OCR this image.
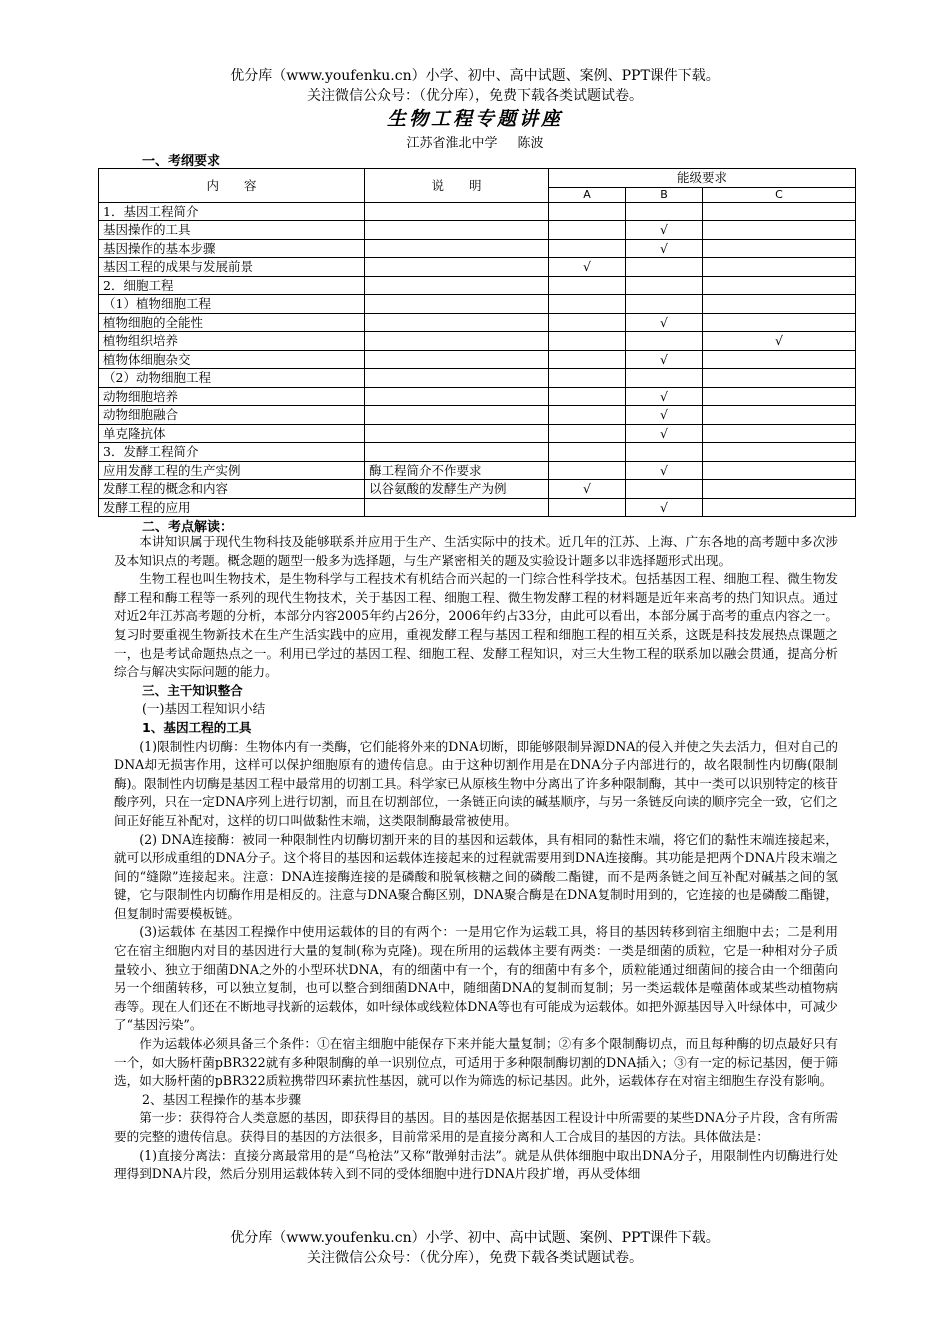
优分库（www.youfenku.cn）小学、初中、高中试题、案例、PPT课件下载。
关注微信公众号：（优分库），免费下载各类试题试卷。
生物工程专题讲座
江苏省淮北中学 陈波
一、考纲要求
内　　容	说　　明	能级要求		
		A	B	C
1．基因工程简介				
基因操作的工具			√	
基因操作的基本步骤			√	
基因工程的成果与发展前景		√		
2．细胞工程				
（1）植物细胞工程				
植物细胞的全能性			√	
植物组织培养				√
植物体细胞杂交			√	
（2）动物细胞工程				
动物细胞培养			√	
动物细胞融合			√	
单克隆抗体			√	
3．发酵工程简介				
应用发酵工程的生产实例	酶工程简介不作要求		√	
发酵工程的概念和内容	以谷氨酸的发酵生产为例	√		
发酵工程的应用			√	
二、考点解读：

本讲知识属于现代生物科技及能够联系并应用于生产、生活实际中的技术。近几年的江苏、上海、广东各地的高考题中多次涉及本知识点的考题。概念题的题型一般多为选择题，与生产紧密相关的题及实验设计题多以非选择题形式出现。

生物工程也叫生物技术，是生物科学与工程技术有机结合而兴起的一门综合性科学技术。包括基因工程、细胞工程、微生物发酵工程和酶工程等一系列的现代生物技术，关于基因工程、细胞工程、微生物发酵工程的材料题是近年来高考的热门知识点。通过对近2年江苏高考题的分析，本部分内容2005年约占26分，2006年约占33分，由此可以看出，本部分属于高考的重点内容之一。复习时要重视生物新技术在生产生活实践中的应用，重视发酵工程与基因工程和细胞工程的相互关系，这既是科技发展热点课题之一，也是考试命题热点之一。利用已学过的基因工程、细胞工程、发酵工程知识，对三大生物工程的联系加以融会贯通，提高分析综合与解决实际问题的能力。

三、主干知识整合

(一)基因工程知识小结

1、基因工程的工具

(1)限制性内切酶：生物体内有一类酶，它们能将外来的DNA切断，即能够限制异源DNA的侵入并使之失去活力，但对自己的DNA却无损害作用，这样可以保护细胞原有的遗传信息。由于这种切割作用是在DNA分子内部进行的，故名限制性内切酶(限制酶)。限制性内切酶是基因工程中最常用的切割工具。科学家已从原核生物中分离出了许多种限制酶，其中一类可以识别特定的核苷酸序列，只在一定DNA序列上进行切割，而且在切割部位，一条链正向读的碱基顺序，与另一条链反向读的顺序完全一致，它们之间正好能互补配对，这样的切口叫做黏性末端，这类限制酶最常被使用。

(2) DNA连接酶：被同一种限制性内切酶切割开来的目的基因和运载体，具有相同的黏性末端，将它们的黏性末端连接起来，就可以形成重组的DNA分子。这个将目的基因和运载体连接起来的过程就需要用到DNA连接酶。其功能是把两个DNA片段末端之间的“缝隙”连接起来。注意：DNA连接酶连接的是磷酸和脱氧核糖之间的磷酸二酯键，而不是两条链之间互补配对碱基之间的氢键，它与限制性内切酶作用是相反的。注意与DNA聚合酶区别，DNA聚合酶是在DNA复制时用到的，它连接的也是磷酸二酯键，但复制时需要模板链。

(3)运载体 在基因工程操作中使用运载体的目的有两个：一是用它作为运载工具，将目的基因转移到宿主细胞中去；二是利用它在宿主细胞内对目的基因进行大量的复制(称为克隆)。现在所用的运载体主要有两类：一类是细菌的质粒，它是一种相对分子质量较小、独立于细菌DNA之外的小型环状DNA，有的细菌中有一个，有的细菌中有多个，质粒能通过细菌间的接合由一个细菌向另一个细菌转移，可以独立复制，也可以整合到细菌DNA中，随细菌DNA的复制而复制；另一类运载体是噬菌体或某些动植物病毒等。现在人们还在不断地寻找新的运载体，如叶绿体或线粒体DNA等也有可能成为运载体。如把外源基因导入叶绿体中，可减少了“基因污染”。

作为运载体必须具备三个条件：①在宿主细胞中能保存下来并能大量复制；②有多个限制酶切点，而且每种酶的切点最好只有一个，如大肠杆菌pBR322就有多种限制酶的单一识别位点，可适用于多种限制酶切割的DNA插入；③有一定的标记基因，便于筛选，如大肠杆菌的pBR322质粒携带四环素抗性基因，就可以作为筛选的标记基因。此外，运载体存在对宿主细胞生存没有影响。

2、基因工程操作的基本步骤

第一步：获得符合人类意愿的基因，即获得目的基因。目的基因是依据基因工程设计中所需要的某些DNA分子片段，含有所需要的完整的遗传信息。获得目的基因的方法很多，目前常采用的是直接分离和人工合成目的基因的方法。具体做法是：

(1)直接分离法：直接分离最常用的是“鸟枪法”又称“散弹射击法”。就是从供体细胞中取出DNA分子，用限制性内切酶进行处理得到DNA片段，然后分别用运载体转入到不同的受体细胞中进行DNA片段扩增，再从受体细

优分库（www.youfenku.cn）小学、初中、高中试题、案例、PPT课件下载。
关注微信公众号：（优分库），免费下载各类试题试卷。
